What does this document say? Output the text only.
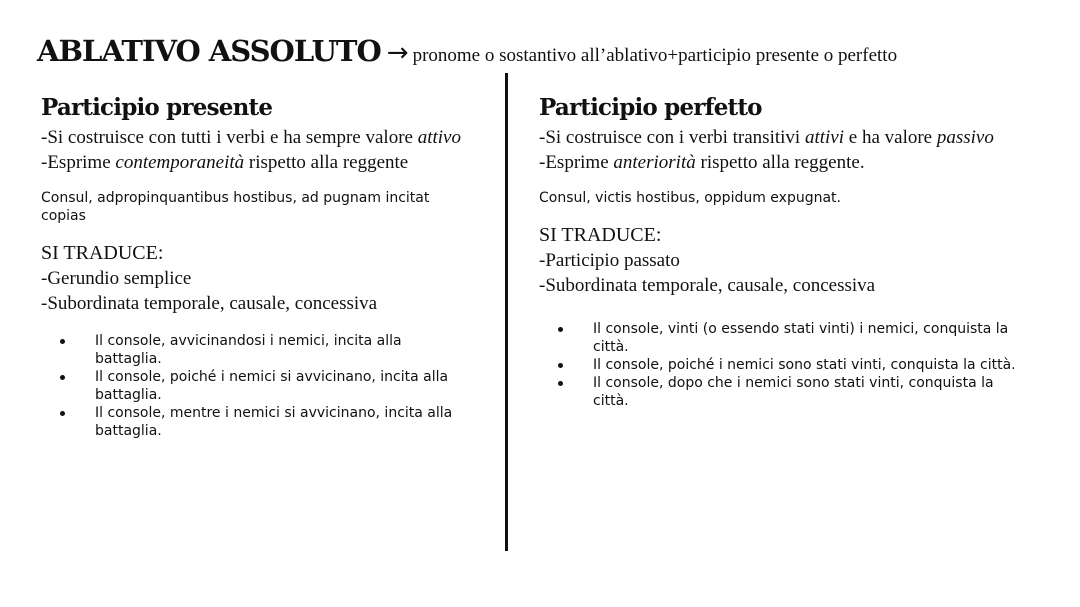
ABLATIVO ASSOLUTO → pronome o sostantivo all’ablativo+participio presente o perfetto
Participio presente
-Si costruisce con tutti i verbi e ha sempre valore attivo
-Esprime contemporaneità rispetto alla reggente
Consul, adpropinquantibus hostibus, ad pugnam incitat copias
SI TRADUCE:
-Gerundio semplice
-Subordinata temporale, causale, concessiva
Il console, avvicinandosi i nemici, incita alla battaglia.
Il console, poiché i nemici si avvicinano, incita alla battaglia.
Il console, mentre i nemici si avvicinano, incita alla battaglia.
Participio perfetto
-Si costruisce con i verbi transitivi attivi e ha valore passivo
-Esprime anteriorità rispetto alla reggente.
Consul, victis hostibus, oppidum expugnat.
SI TRADUCE:
-Participio passato
-Subordinata temporale, causale, concessiva
Il console, vinti (o essendo stati vinti) i nemici, conquista la città.
Il console, poiché i nemici sono stati vinti, conquista la città.
Il console, dopo che i nemici sono stati vinti, conquista la città.
